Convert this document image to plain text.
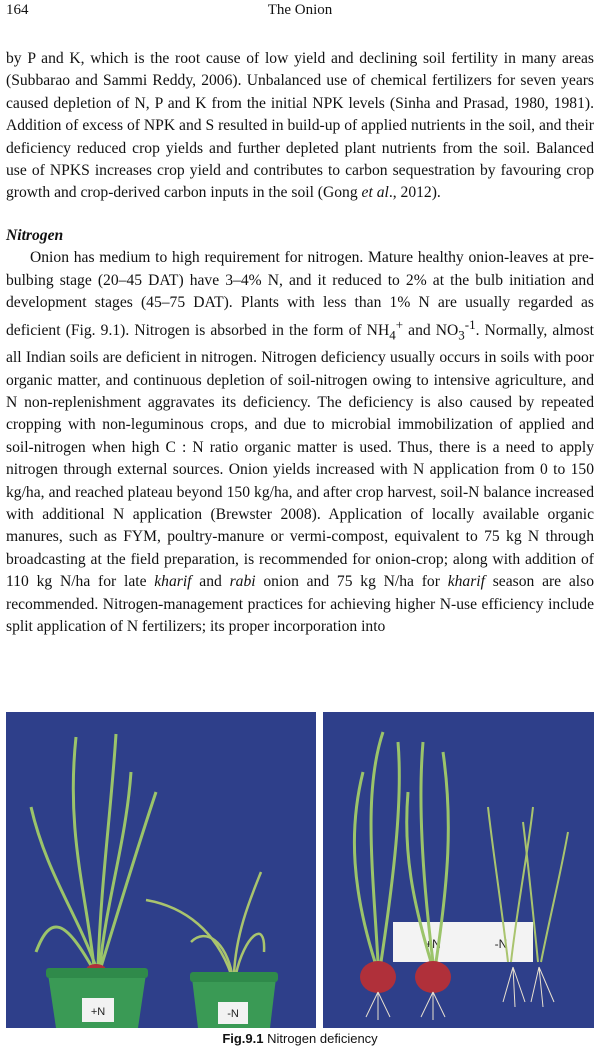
164	The Onion

by P and K, which is the root cause of low yield and declining soil fertility in many areas (Subbarao and Sammi Reddy, 2006). Unbalanced use of chemical fertilizers for seven years caused depletion of N, P and K from the initial NPK levels (Sinha and Prasad, 1980, 1981). Addition of excess of NPK and S resulted in build-up of applied nutrients in the soil, and their deficiency reduced crop yields and further depleted plant nutrients from the soil. Balanced use of NPKS increases crop yield and contributes to carbon sequestration by favouring crop growth and crop-derived carbon inputs in the soil (Gong et al., 2012).

Nitrogen

Onion has medium to high requirement for nitrogen. Mature healthy onion-leaves at pre-bulbing stage (20–45 DAT) have 3–4% N, and it reduced to 2% at the bulb initiation and development stages (45–75 DAT). Plants with less than 1% N are usually regarded as deficient (Fig. 9.1). Nitrogen is absorbed in the form of $NH_4^+$ and $NO_3^{-1}$. Normally, almost all Indian soils are deficient in nitrogen. Nitrogen deficiency usually occurs in soils with poor organic matter, and continuous depletion of soil-nitrogen owing to intensive agriculture, and N non-replenishment aggravates its deficiency. The deficiency is also caused by repeated cropping with non-leguminous crops, and due to microbial immobilization of applied and soil-nitrogen when high C : N ratio organic matter is used. Thus, there is a need to apply nitrogen through external sources. Onion yields increased with N application from 0 to 150 kg/ha, and reached plateau beyond 150 kg/ha, and after crop harvest, soil-N balance increased with additional N application (Brewster 2008). Application of locally available organic manures, such as FYM, poultry-manure or vermi-compost, equivalent to 75 kg N through broadcasting at the field preparation, is recommended for onion-crop; along with addition of 110 kg N/ha for late kharif and rabi onion and 75 kg N/ha for kharif season are also recommended. Nitrogen-management practices for achieving higher N-use efficiency include split application of N fertilizers; its proper incorporation into

+N	-N
+N	-N
Fig.9.1 Nitrogen deficiency
